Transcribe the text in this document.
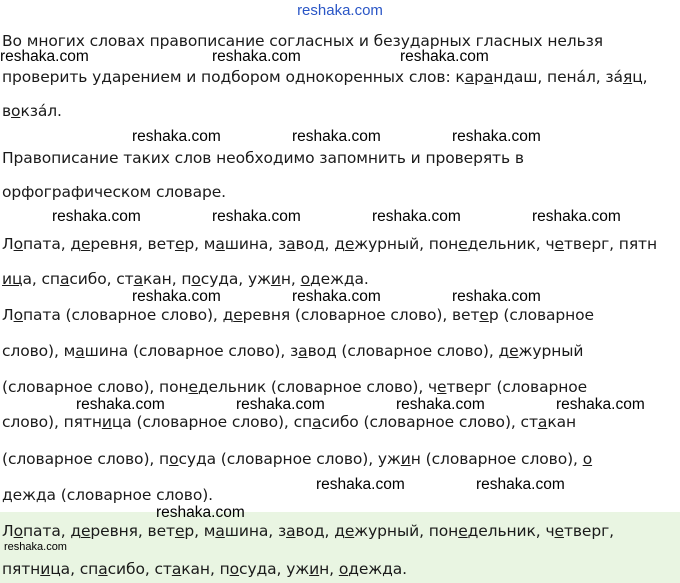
reshaka.com
Во многих словах правописание согласных и безударных гласных нельзя
проверить ударением и подбором однокоренных слов: карандаш, пенáл, зáяц,
вокзáл.
Правописание таких слов необходимо запомнить и проверять в
орфографическом словаре.
Лопата, деревня, ветер, машина, завод, дежурный, понедельник, четверг, пятн
ица, спасибо, стакан, посуда, ужин, одежда.
Лопата (словарное слово), деревня (словарное слово), ветер (словарное
слово), машина (словарное слово), завод (словарное слово), дежурный
(словарное слово), понедельник (словарное слово), четверг (словарное
слово), пятница (словарное слово), спасибо (словарное слово), стакан
(словарное слово), посуда (словарное слово), ужин (словарное слово), о
дежда (словарное слово).
Лопата, деревня, ветер, машина, завод, дежурный, понедельник, четверг,
пятница, спасибо, стакан, посуда, ужин, одежда.
reshaka.com	reshaka.com	reshaka.com
reshaka.com	reshaka.com	reshaka.com
reshaka.com	reshaka.com	reshaka.com	reshaka.com
reshaka.com	reshaka.com	reshaka.com
reshaka.com	reshaka.com	reshaka.com	reshaka.com
reshaka.com	reshaka.com
reshaka.com
reshaka.com
